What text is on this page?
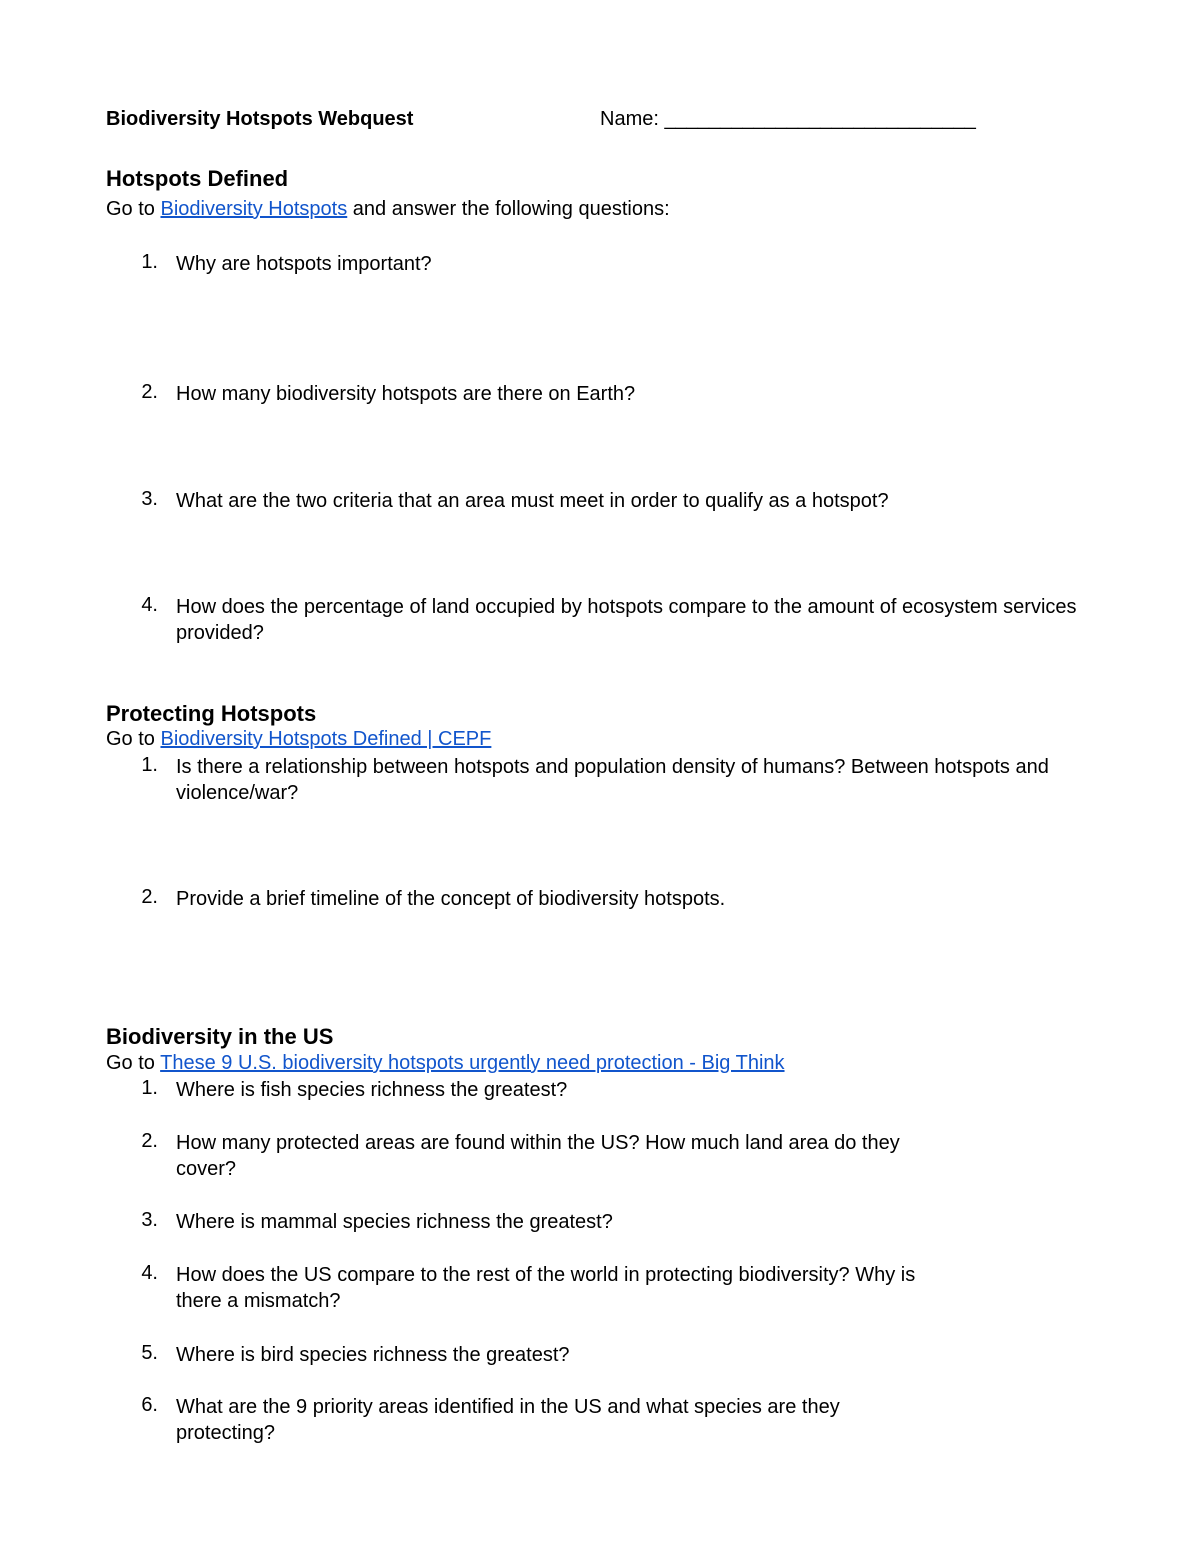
Biodiversity Hotspots Webquest	Name: ____________________________
Hotspots Defined
Go to Biodiversity Hotspots and answer the following questions:
1. Why are hotspots important?
2. How many biodiversity hotspots are there on Earth?
3. What are the two criteria that an area must meet in order to qualify as a hotspot?
4. How does the percentage of land occupied by hotspots compare to the amount of ecosystem services provided?
Protecting Hotspots
Go to Biodiversity Hotspots Defined | CEPF
1. Is there a relationship between hotspots and population density of humans? Between hotspots and violence/war?
2. Provide a brief timeline of the concept of biodiversity hotspots.
Biodiversity in the US
Go to These 9 U.S. biodiversity hotspots urgently need protection - Big Think
1. Where is fish species richness the greatest?
2. How many protected areas are found within the US? How much land area do they cover?
3. Where is mammal species richness the greatest?
4. How does the US compare to the rest of the world in protecting biodiversity? Why is there a mismatch?
5. Where is bird species richness the greatest?
6. What are the 9 priority areas identified in the US and what species are they protecting?
